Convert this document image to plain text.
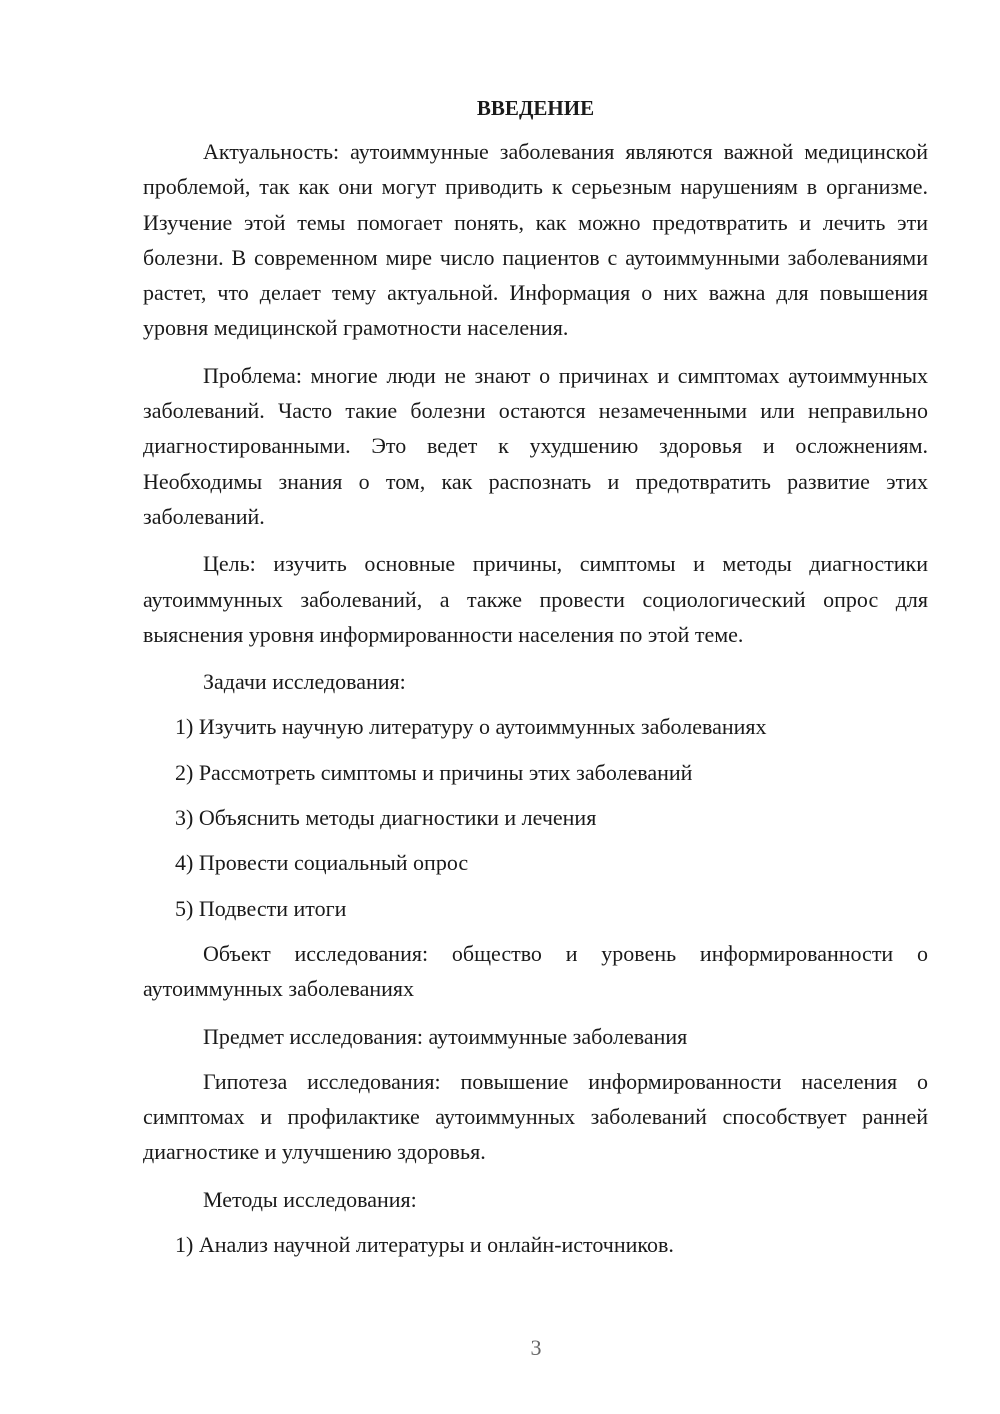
ВВЕДЕНИЕ

Актуальность: аутоиммунные заболевания являются важной медицинской проблемой, так как они могут приводить к серьезным нарушениям в организме. Изучение этой темы помогает понять, как можно предотвратить и лечить эти болезни. В современном мире число пациентов с аутоиммунными заболеваниями растет, что делает тему актуальной. Информация о них важна для повышения уровня медицинской грамотности населения.

Проблема: многие люди не знают о причинах и симптомах аутоиммунных заболеваний. Часто такие болезни остаются незамеченными или неправильно диагностированными. Это ведет к ухудшению здоровья и осложнениям. Необходимы знания о том, как распознать и предотвратить развитие этих заболеваний.

Цель: изучить основные причины, симптомы и методы диагностики аутоиммунных заболеваний, а также провести социологический опрос для выяснения уровня информированности населения по этой теме.

Задачи исследования:
1) Изучить научную литературу о аутоиммунных заболеваниях
2) Рассмотреть симптомы и причины этих заболеваний
3) Объяснить методы диагностики и лечения
4) Провести социальный опрос
5) Подвести итоги

Объект исследования: общество и уровень информированности о аутоиммунных заболеваниях

Предмет исследования: аутоиммунные заболевания

Гипотеза исследования: повышение информированности населения о симптомах и профилактике аутоиммунных заболеваний способствует ранней диагностике и улучшению здоровья.

Методы исследования:
1) Анализ научной литературы и онлайн-источников.
3
